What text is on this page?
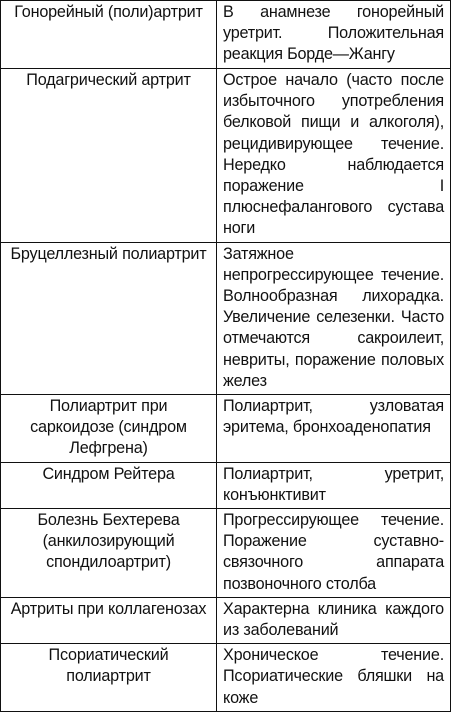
Гонорейный (поли)артрит	В анамнезе гонорейный уретрит. Положительная реакция Борде—Жангу
Подагрический артрит	Острое начало (часто после избыточного употребления белковой пищи и алкоголя), рецидивирующее течение. Нередко наблюдается поражение I плюснефалангового сустава ноги
Бруцеллезный полиартрит	Затяжное непрогрессирующее течение. Волнообразная лихорадка. Увеличение селезенки. Часто отмечаются сакроилеит, невриты, поражение половых желез
Полиартрит при саркоидозе (синдром Лефгрена)	Полиартрит, узловатая эритема, бронхоаденопатия
Синдром Рейтера	Полиартрит, уретрит, конъюнктивит
Болезнь Бехтерева (анкилозирующий спондилоартрит)	Прогрессирующее течение. Поражение суставно-связочного аппарата позвоночного столба
Артриты при коллагенозах	Характерна клиника каждого из заболеваний
Псориатический полиартрит	Хроническое течение. Псориатические бляшки на коже
